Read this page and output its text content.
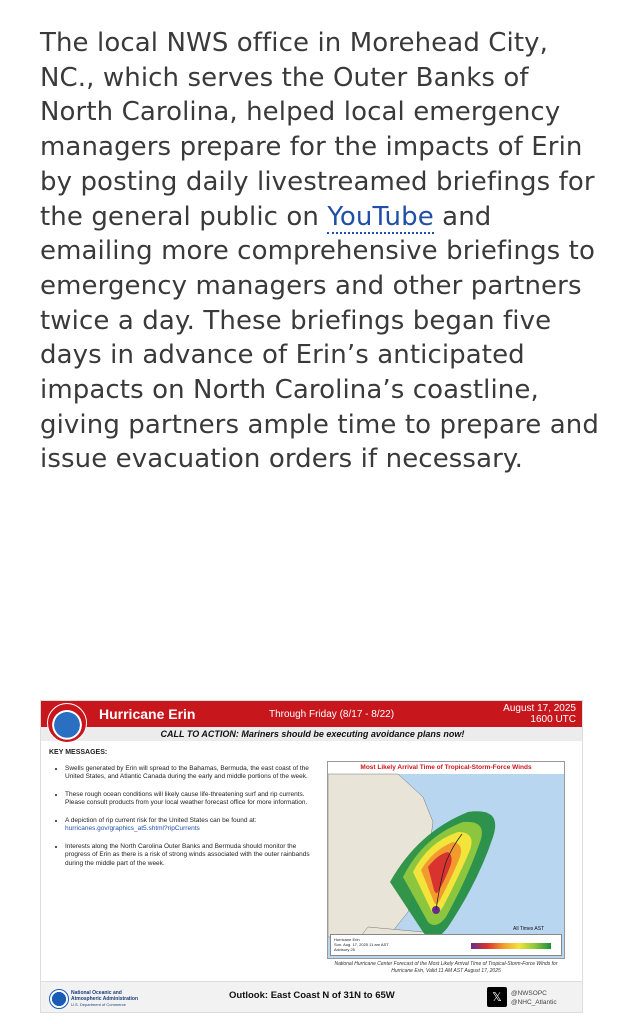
The local NWS office in Morehead City, NC., which serves the Outer Banks of North Carolina, helped local emergency managers prepare for the impacts of Erin by posting daily livestreamed briefings for the general public on YouTube and emailing more comprehensive briefings to emergency managers and other partners twice a day. These briefings began five days in advance of Erin’s anticipated impacts on North Carolina’s coastline, giving partners ample time to prepare and issue evacuation orders if necessary.

Hurricane Erin	Through Friday (8/17 - 8/22)
August 17, 2025
1600 UTC
CALL TO ACTION: Mariners should be executing avoidance plans now!
KEY MESSAGES:
• Swells generated by Erin will spread to the Bahamas, Bermuda, the east coast of the United States, and Atlantic Canada during the early and middle portions of the week.
• These rough ocean conditions will likely cause life-threatening surf and rip currents. Please consult products from your local weather forecast office for more information.
• A depiction of rip current risk for the United States can be found at:
hurricanes.gov/graphics_at5.shtml?ripCurrents
• Interests along the North Carolina Outer Banks and Bermuda should monitor the progress of Erin as there is a risk of strong winds associated with the outer rainbands during the middle part of the week.
Most Likely Arrival Time of Tropical-Storm-Force Winds
All Times AST
Hurricane Erin
Sun. Aug. 17, 2025 11 am AST
Advisory 25
National Hurricane Center Forecast of the Most Likely Arrival Time of Tropical-Storm-Force Winds for Hurricane Erin, Valid 11 AM AST August 17, 2025
National Oceanic and
Atmospheric Administration
U.S. Department of Commerce
Outlook: East Coast N of 31N to 65W	𝕏	@NWSOPC
@NHC_Atlantic
